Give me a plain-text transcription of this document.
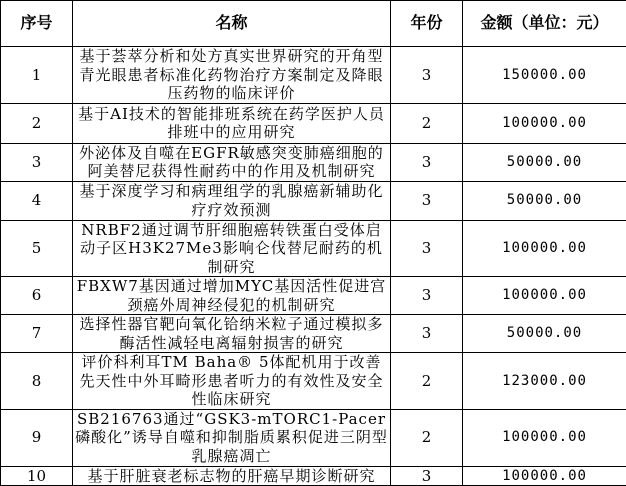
序号	名称	年份	金额（单位：元）
1	基于荟萃分析和处方真实世界研究的开角型青光眼患者标准化药物治疗方案制定及降眼压药物的临床评价	3	150000.00
2	基于AI技术的智能排班系统在药学医护人员排班中的应用研究	2	100000.00
3	外泌体及自噬在EGFR敏感突变肺癌细胞的阿美替尼获得性耐药中的作用及机制研究	3	50000.00
4	基于深度学习和病理组学的乳腺癌新辅助化疗疗效预测	3	50000.00
5	NRBF2通过调节肝细胞癌转铁蛋白受体启动子区H3K27Me3影响仑伐替尼耐药的机制研究	3	100000.00
6	FBXW7基因通过增加MYC基因活性促进宫颈癌外周神经侵犯的机制研究	3	100000.00
7	选择性器官靶向氧化铪纳米粒子通过模拟多酶活性减轻电离辐射损害的研究	3	50000.00
8	评价科利耳TM Baha® 5体配机用于改善先天性中外耳畸形患者听力的有效性及安全性临床研究	2	123000.00
9	SB216763通过“GSK3-mTORC1-Pacer磷酸化”诱导自噬和抑制脂质累积促进三阴型乳腺癌凋亡	2	100000.00
10	基于肝脏衰老标志物的肝癌早期诊断研究	3	100000.00
